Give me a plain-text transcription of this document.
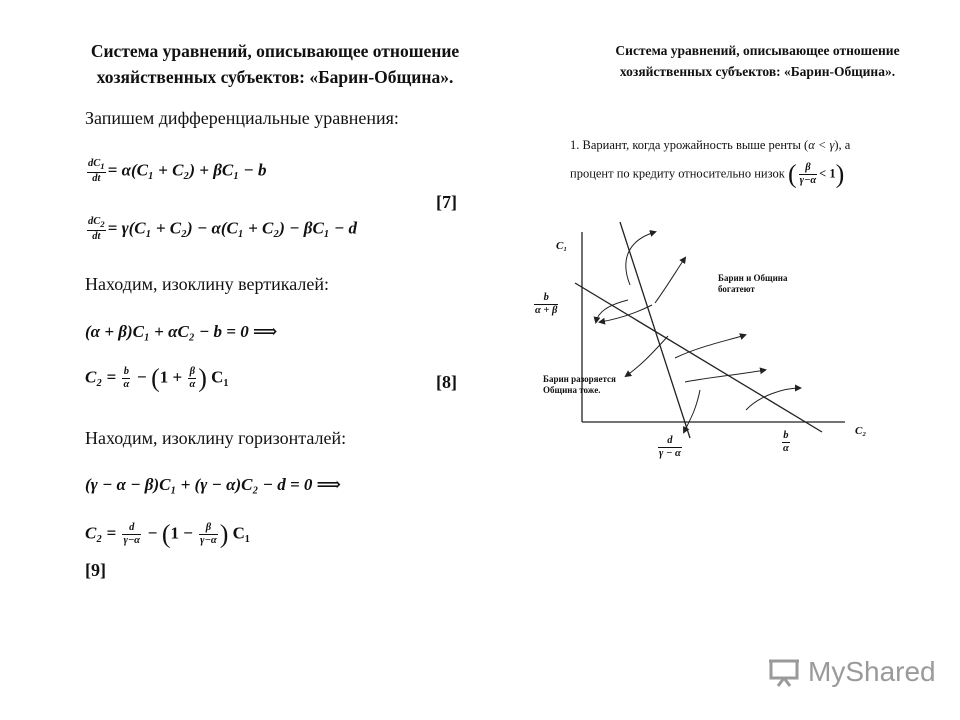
Система уравнений, описывающее отношение
хозяйственных субъектов: «Барин-Община».
Запишем дифференциальные уравнения:
$\frac{dC_1}{dt} = \alpha(C_1 + C_2) + \beta C_1 - b$
[7]
$\frac{dC_2}{dt} = \gamma(C_1 + C_2) - \alpha(C_1 + C_2) - \beta C_1 - d$
Находим, изоклину вертикалей:
(α + β)C₁ + αC₂ − b = 0 ⟹
$C_2 = \frac{b}{\alpha} - (1 + \frac{\beta}{\alpha}$ ) C₁	[8]
Находим, изоклину горизонталей:
(γ − α − β)C₁ + (γ − α)C₂ − d = 0 ⟹
$C_2 = \frac{d}{\gamma-\alpha} - (1 - \frac{\beta}{\gamma-\alpha}$ ) C₁
[9]
Система уравнений, описывающее отношение
хозяйственных субъектов: «Барин-Община».
1. Вариант, когда урожайность выше ренты (α < γ), а
процент по кредиту относительно низок ( $\frac{\beta}{\gamma-\alpha} < 1$)
C₁
C₂
$\frac{b}{\alpha + \beta}$
$\frac{d}{\gamma - \alpha}$	$\frac{b}{\alpha}$
Барин и Община
богатеют
Барин разоряется
Община тоже.
MyShared
